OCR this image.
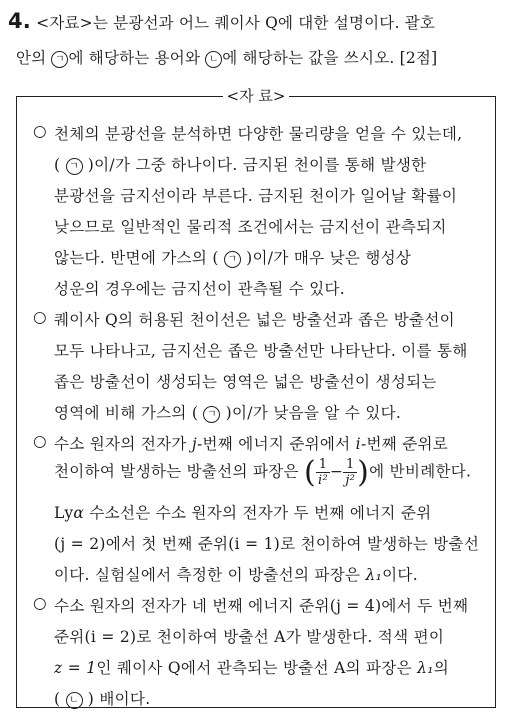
4. <자료>는 분광선과 어느 퀘이사 Q에 대한 설명이다. 괄호
안의 ㄱ 에 해당하는 용어와 ㄴ 에 해당하는 값을 쓰시오. [2점]
<자 료>
○ 천체의 분광선을 분석하면 다양한 물리량을 얻을 수 있는데,
( ㄱ )이/가 그중 하나이다. 금지된 천이를 통해 발생한
분광선을 금지선이라 부른다. 금지된 천이가 일어날 확률이
낮으므로 일반적인 물리적 조건에서는 금지선이 관측되지
않는다. 반면에 가스의 ( ㄱ )이/가 매우 낮은 행성상
성운의 경우에는 금지선이 관측될 수 있다.
○ 퀘이사 Q의 허용된 천이선은 넓은 방출선과 좁은 방출선이
모두 나타나고, 금지선은 좁은 방출선만 나타난다. 이를 통해
좁은 방출선이 생성되는 영역은 넓은 방출선이 생성되는
영역에 비해 가스의 ( ㄱ )이/가 낮음을 알 수 있다.
○ 수소 원자의 전자가 j-번째 에너지 준위에서 i-번째 준위로
천이하여 발생하는 방출선의 파장은 ( $\frac{1}{\text{i²}} - \frac{1}{\text{j²}}$ )에 반비례한다.
Lyα 수소선은 수소 원자의 전자가 두 번째 에너지 준위
(j = 2)에서 첫 번째 준위(i = 1)로 천이하여 발생하는 방출선
이다. 실험실에서 측정한 이 방출선의 파장은 λ₁이다.
○ 수소 원자의 전자가 네 번째 에너지 준위(j = 4)에서 두 번째
준위(i = 2)로 천이하여 방출선 A가 발생한다. 적색 편이
z = 1인 퀘이사 Q에서 관측되는 방출선 A의 파장은 λ₁의
( ㄴ ) 배이다.
